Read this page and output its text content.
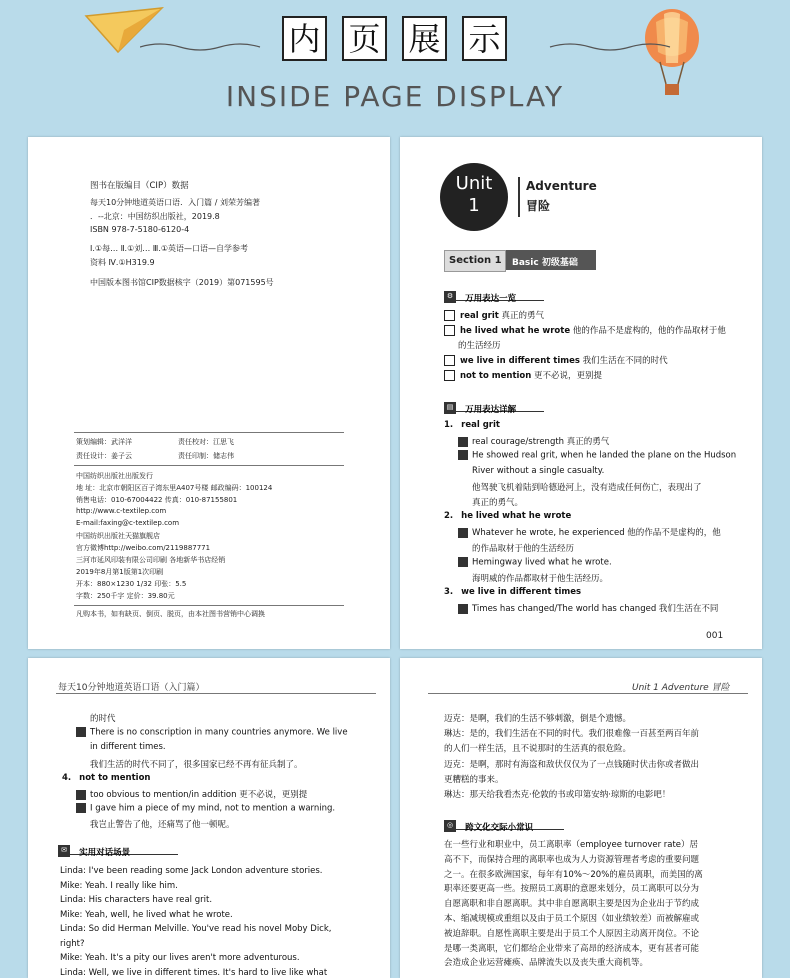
内 页 展 示
INSIDE PAGE DISPLAY
图书在版编目（CIP）数据
每天10分钟地道英语口语．入门篇 / 刘荣芳编著
．--北京：中国纺织出版社，2019.8
ISBN 978-7-5180-6120-4
Ⅰ.①每… Ⅱ.①刘… Ⅲ.①英语—口语—自学参考
资料 Ⅳ.①H319.9
中国版本图书馆CIP数据核字（2019）第071595号
策划编辑：武洋洋	责任校对：江思飞
责任设计：姜子云	责任印制：储志伟
中国纺织出版社出版发行
地 址：北京市朝阳区百子湾东里A407号楼 邮政编码：100124
销售电话：010-67004422 传真：010-87155801
http://www.c-textilep.com
E-mail:faxing@c-textilep.com
中国纺织出版社天猫旗舰店
官方微博http://weibo.com/2119887771
三河市延风印装有限公司印刷 各地新华书店经销
2019年8月第1版第1次印刷
开本：880×1230 1/32 印张：5.5
字数：250千字 定价：39.80元
凡购本书，如有缺页、倒页、脱页，由本社图书营销中心调换
Unit
1
Adventure
冒险
Section 1 Basic 初级基础
⚙ 万用表达一览
real grit 真正的勇气
he lived what he wrote 他的作品不是虚构的，他的作品取材于他
的生活经历
we live in different times 我们生活在不同的时代
not to mention 更不必说，更别提
▤ 万用表达详解
1. real grit
real courage/strength 真正的勇气
He showed real grit, when he landed the plane on the Hudson
River without a single casualty.
他驾驶飞机着陆到哈德逊河上，没有造成任何伤亡，表现出了
真正的勇气。
2. he lived what he wrote
Whatever he wrote, he experienced 他的作品不是虚构的，他
的作品取材于他的生活经历
Hemingway lived what he wrote.
海明威的作品都取材于他生活经历。
3. we live in different times
Times has changed/The world has changed 我们生活在不同
001
每天10分钟地道英语口语（入门篇）
的时代
There is no conscription in many countries anymore. We live
in different times.
我们生活的时代不同了，很多国家已经不再有征兵制了。
4. not to mention
too obvious to mention/in addition 更不必说，更别提
I gave him a piece of my mind, not to mention a warning.
我岂止警告了他，还痛骂了他一顿呢。
✉ 实用对话场景
Linda: I've been reading some Jack London adventure stories.
Mike: Yeah. I really like him.
Linda: His characters have real grit.
Mike: Yeah, well, he lived what he wrote.
Linda: So did Herman Melville. You've read his novel Moby Dick,
right?
Mike: Yeah. It's a pity our lives aren't more adventurous.
Linda: Well, we live in different times. It's hard to live like what
Unit 1 Adventure 冒险
迈克：是啊，我们的生活不够刺激，倒是个遗憾。
琳达：是的，我们生活在不同的时代。我们很难像一百甚至两百年前
的人们一样生活，且不说那时的生活真的很危险。
迈克：是啊，那时有海盗和敌伏仅仅为了一点钱随时伏击你或者做出
更糟糕的事来。
琳达：那天给我看杰克·伦敦的书或印第安纳·琼斯的电影吧！
◎ 跨文化交际小常识
在一些行业和职业中，员工离职率（employee turnover rate）居
高不下，而保持合理的离职率也成为人力资源管理者考虑的重要问题
之一。在很多欧洲国家，每年有10%～20%的雇员离职，而美国的离
职率还要更高一些。按照员工离职的意愿来划分，员工离职可以分为
自愿离职和非自愿离职。其中非自愿离职主要是因为企业出于节约成
本、缩减规模或重组以及由于员工个原因（如业绩较差）而被解雇或
被迫辞职。自愿性离职主要是出于员工个人原因主动离开岗位。不论
是哪一类离职，它们都给企业带来了高昂的经济成本，更有甚者可能
会造成企业运营瘫痪、品牌流失以及丧失重大商机等。
